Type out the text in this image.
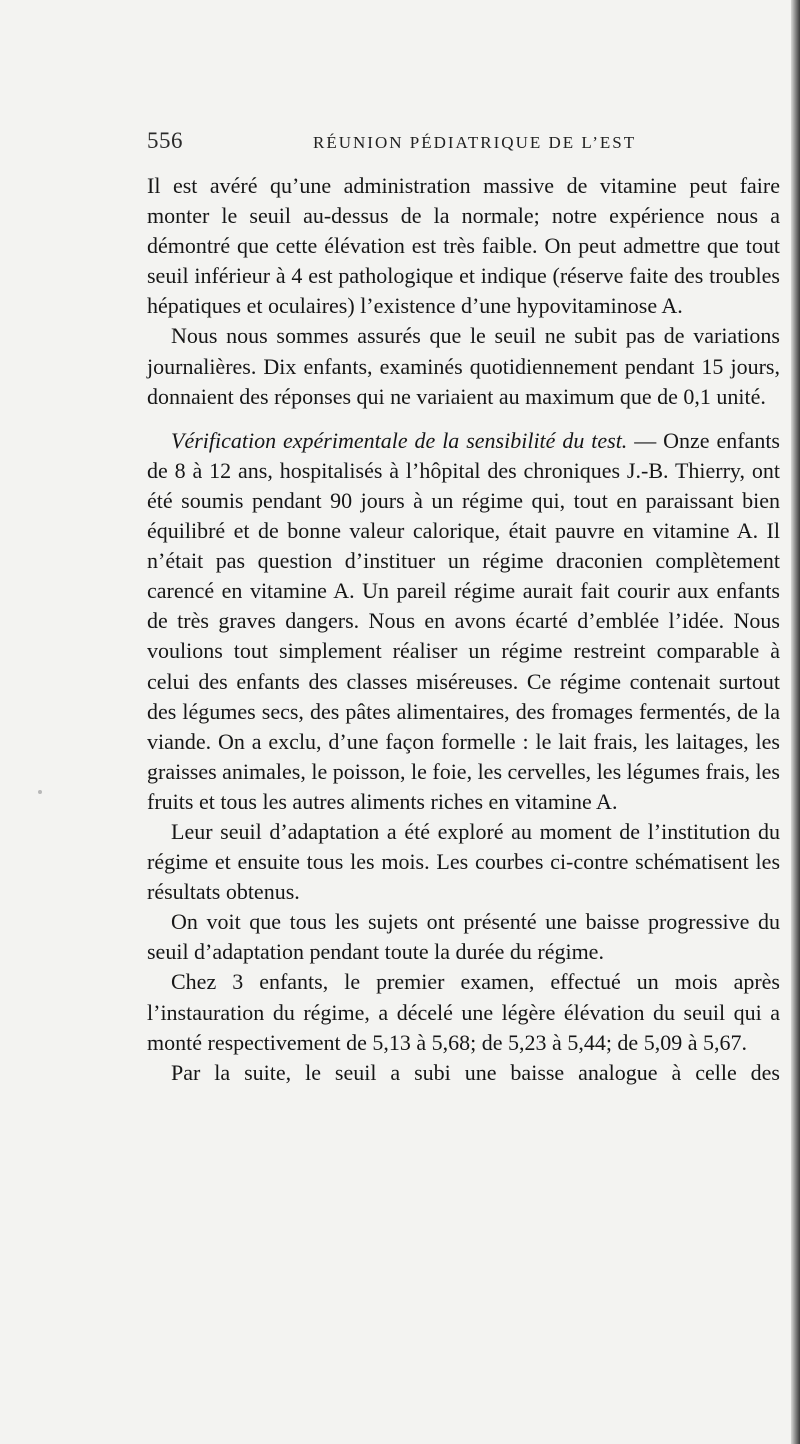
556	RÉUNION PÉDIATRIQUE DE L’EST

Il est avéré qu’une administration massive de vitamine peut faire monter le seuil au-dessus de la normale; notre expérience nous a démontré que cette élévation est très faible. On peut admettre que tout seuil inférieur à 4 est pathologique et indique (réserve faite des troubles hépatiques et oculaires) l’existence d’une hypovitaminose A.

Nous nous sommes assurés que le seuil ne subit pas de variations journalières. Dix enfants, examinés quotidiennement pendant 15 jours, donnaient des réponses qui ne variaient au maximum que de 0,1 unité.

Vérification expérimentale de la sensibilité du test. — Onze enfants de 8 à 12 ans, hospitalisés à l’hôpital des chroniques J.-B. Thierry, ont été soumis pendant 90 jours à un régime qui, tout en paraissant bien équilibré et de bonne valeur calorique, était pauvre en vitamine A. Il n’était pas question d’instituer un régime draconien complètement carencé en vitamine A. Un pareil régime aurait fait courir aux enfants de très graves dangers. Nous en avons écarté d’emblée l’idée. Nous voulions tout simplement réaliser un régime restreint comparable à celui des enfants des classes miséreuses. Ce régime contenait surtout des légumes secs, des pâtes alimentaires, des fromages fermentés, de la viande. On a exclu, d’une façon formelle : le lait frais, les laitages, les graisses animales, le poisson, le foie, les cervelles, les légumes frais, les fruits et tous les autres aliments riches en vitamine A.

Leur seuil d’adaptation a été exploré au moment de l’institution du régime et ensuite tous les mois. Les courbes ci-contre schématisent les résultats obtenus.

On voit que tous les sujets ont présenté une baisse progressive du seuil d’adaptation pendant toute la durée du régime.

Chez 3 enfants, le premier examen, effectué un mois après l’instauration du régime, a décelé une légère élévation du seuil qui a monté respectivement de 5,13 à 5,68; de 5,23 à 5,44; de 5,09 à 5,67.

Par la suite, le seuil a subi une baisse analogue à celle des
